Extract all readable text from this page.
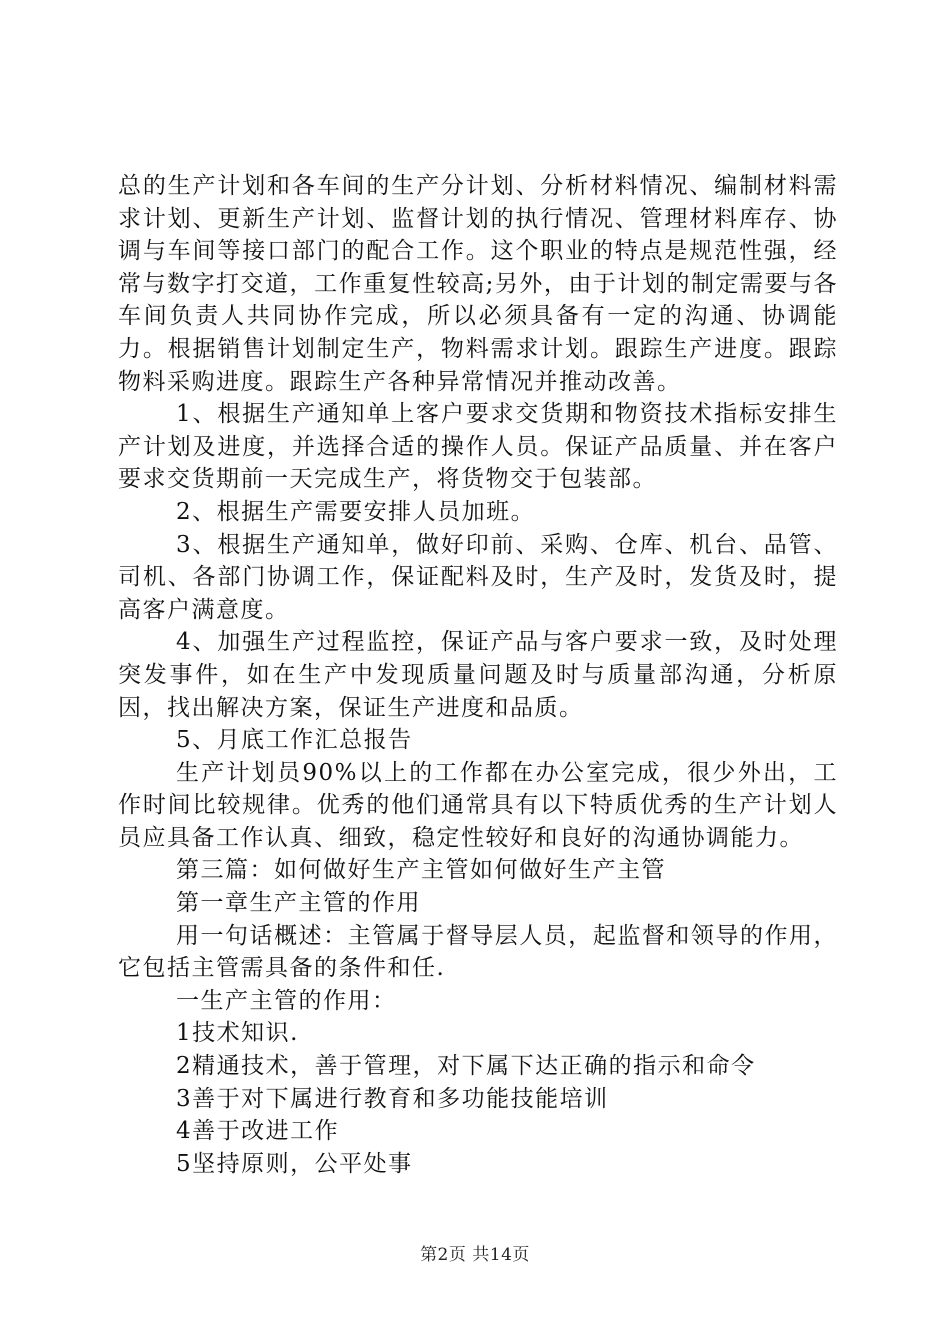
总的生产计划和各车间的生产分计划、分析材料情况、编制材料需求计划、更新生产计划、监督计划的执行情况、管理材料库存、协调与车间等接口部门的配合工作。这个职业的特点是规范性强，经常与数字打交道，工作重复性较高;另外，由于计划的制定需要与各车间负责人共同协作完成，所以必须具备有一定的沟通、协调能力。根据销售计划制定生产，物料需求计划。跟踪生产进度。跟踪物料采购进度。跟踪生产各种异常情况并推动改善。

1、根据生产通知单上客户要求交货期和物资技术指标安排生产计划及进度，并选择合适的操作人员。保证产品质量、并在客户要求交货期前一天完成生产，将货物交于包装部。

2、根据生产需要安排人员加班。

3、根据生产通知单，做好印前、采购、仓库、机台、品管、司机、各部门协调工作，保证配料及时，生产及时，发货及时，提高客户满意度。

4、加强生产过程监控，保证产品与客户要求一致，及时处理突发事件，如在生产中发现质量问题及时与质量部沟通，分析原因，找出解决方案，保证生产进度和品质。

5、月底工作汇总报告

生产计划员90%以上的工作都在办公室完成，很少外出，工作时间比较规律。优秀的他们通常具有以下特质优秀的生产计划人员应具备工作认真、细致，稳定性较好和良好的沟通协调能力。

第三篇：如何做好生产主管如何做好生产主管

第一章生产主管的作用

用一句话概述：主管属于督导层人员，起监督和领导的作用，它包括主管需具备的条件和任.

一生产主管的作用：

1技术知识.

2精通技术，善于管理，对下属下达正确的指示和命令

3善于对下属进行教育和多功能技能培训

4善于改进工作

5坚持原则，公平处事

第2页 共14页
